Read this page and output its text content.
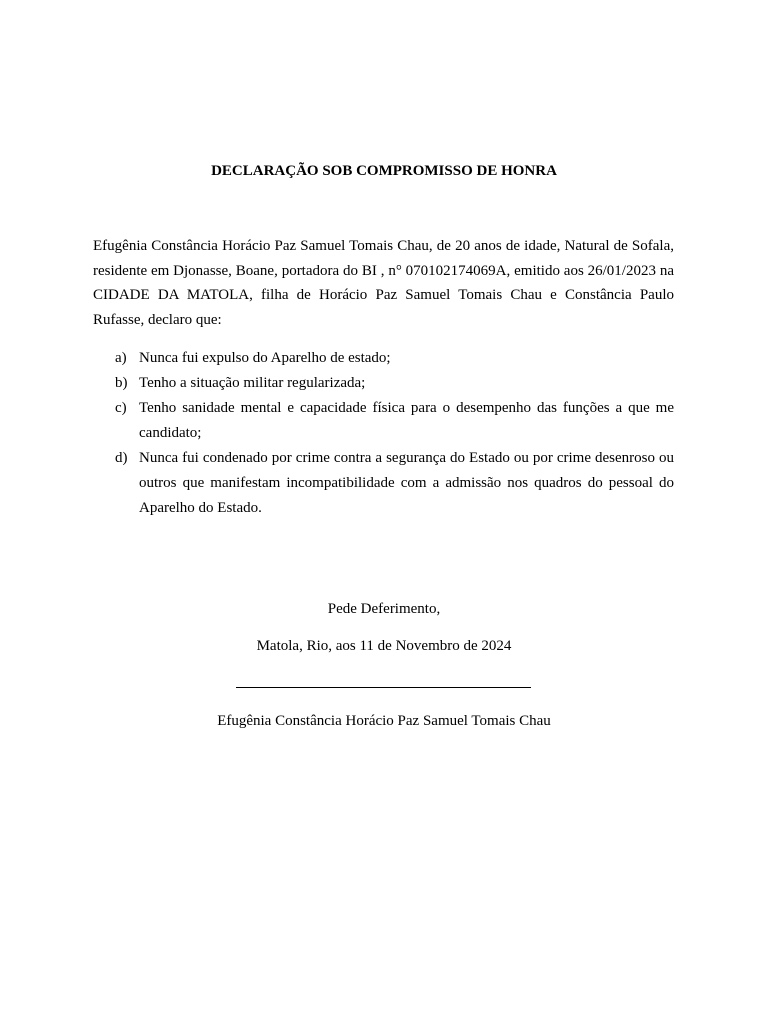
DECLARAÇÃO SOB COMPROMISSO DE HONRA

Efugênia Constância Horácio Paz Samuel Tomais Chau, de 20 anos de idade, Natural de Sofala, residente em Djonasse, Boane, portadora do BI , n° 070102174069A, emitido aos 26/01/2023 na CIDADE DA MATOLA, filha de Horácio Paz Samuel Tomais Chau e Constância Paulo Rufasse, declaro que:

a) Nunca fui expulso do Aparelho de estado;
b) Tenho a situação militar regularizada;
c) Tenho sanidade mental e capacidade física para o desempenho das funções a que me candidato;
d) Nunca fui condenado por crime contra a segurança do Estado ou por crime desenroso ou outros que manifestam incompatibilidade com a admissão nos quadros do pessoal do Aparelho do Estado.
Pede Deferimento,
Matola, Rio, aos 11 de Novembro de 2024
Efugênia Constância Horácio Paz Samuel Tomais Chau
